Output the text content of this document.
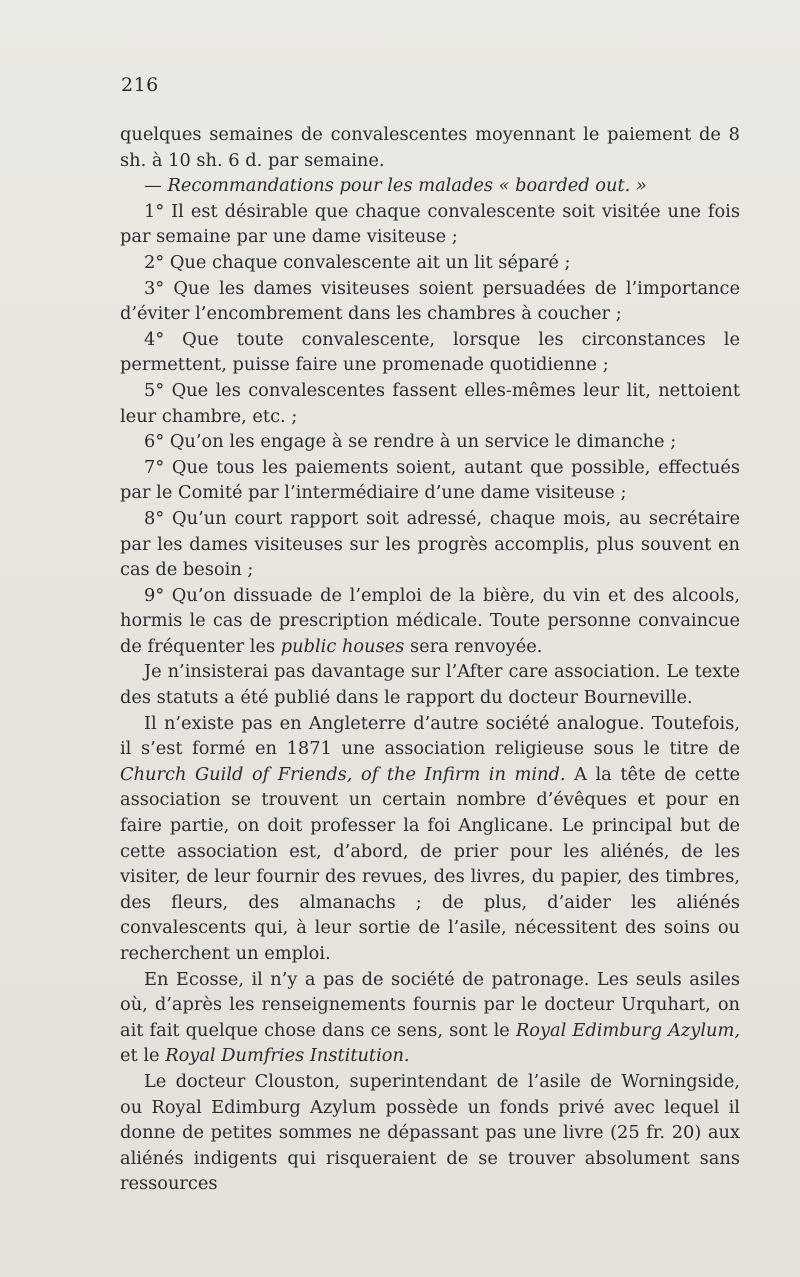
216

quelques semaines de convalescentes moyennant le paiement de 8 sh. à 10 sh. 6 d. par semaine.

— Recommandations pour les malades « boarded out. »

1° Il est désirable que chaque convalescente soit visitée une fois par semaine par une dame visiteuse ;

2° Que chaque convalescente ait un lit séparé ;

3° Que les dames visiteuses soient persuadées de l’importance d’éviter l’encombrement dans les chambres à coucher ;

4° Que toute convalescente, lorsque les circonstances le permettent, puisse faire une promenade quotidienne ;

5° Que les convalescentes fassent elles-mêmes leur lit, nettoient leur chambre, etc. ;

6° Qu’on les engage à se rendre à un service le dimanche ;

7° Que tous les paiements soient, autant que possible, effectués par le Comité par l’intermédiaire d’une dame visiteuse ;

8° Qu’un court rapport soit adressé, chaque mois, au secrétaire par les dames visiteuses sur les progrès accomplis, plus souvent en cas de besoin ;

9° Qu’on dissuade de l’emploi de la bière, du vin et des alcools, hormis le cas de prescription médicale. Toute personne convaincue de fréquenter les public houses sera renvoyée.

Je n’insisterai pas davantage sur l’After care association. Le texte des statuts a été publié dans le rapport du docteur Bourneville.

Il n’existe pas en Angleterre d’autre société analogue. Toutefois, il s’est formé en 1871 une association religieuse sous le titre de Church Guild of Friends, of the Infirm in mind. A la tête de cette association se trouvent un certain nombre d’évêques et pour en faire partie, on doit professer la foi Anglicane. Le principal but de cette association est, d’abord, de prier pour les aliénés, de les visiter, de leur fournir des revues, des livres, du papier, des timbres, des fleurs, des almanachs ; de plus, d’aider les aliénés convalescents qui, à leur sortie de l’asile, nécessitent des soins ou recherchent un emploi.

En Ecosse, il n’y a pas de société de patronage. Les seuls asiles où, d’après les renseignements fournis par le docteur Urquhart, on ait fait quelque chose dans ce sens, sont le Royal Edimburg Azylum, et le Royal Dumfries Institution.

Le docteur Clouston, superintendant de l’asile de Worningside, ou Royal Edimburg Azylum possède un fonds privé avec lequel il donne de petites sommes ne dépassant pas une livre (25 fr. 20) aux aliénés indigents qui risqueraient de se trouver absolument sans ressources
